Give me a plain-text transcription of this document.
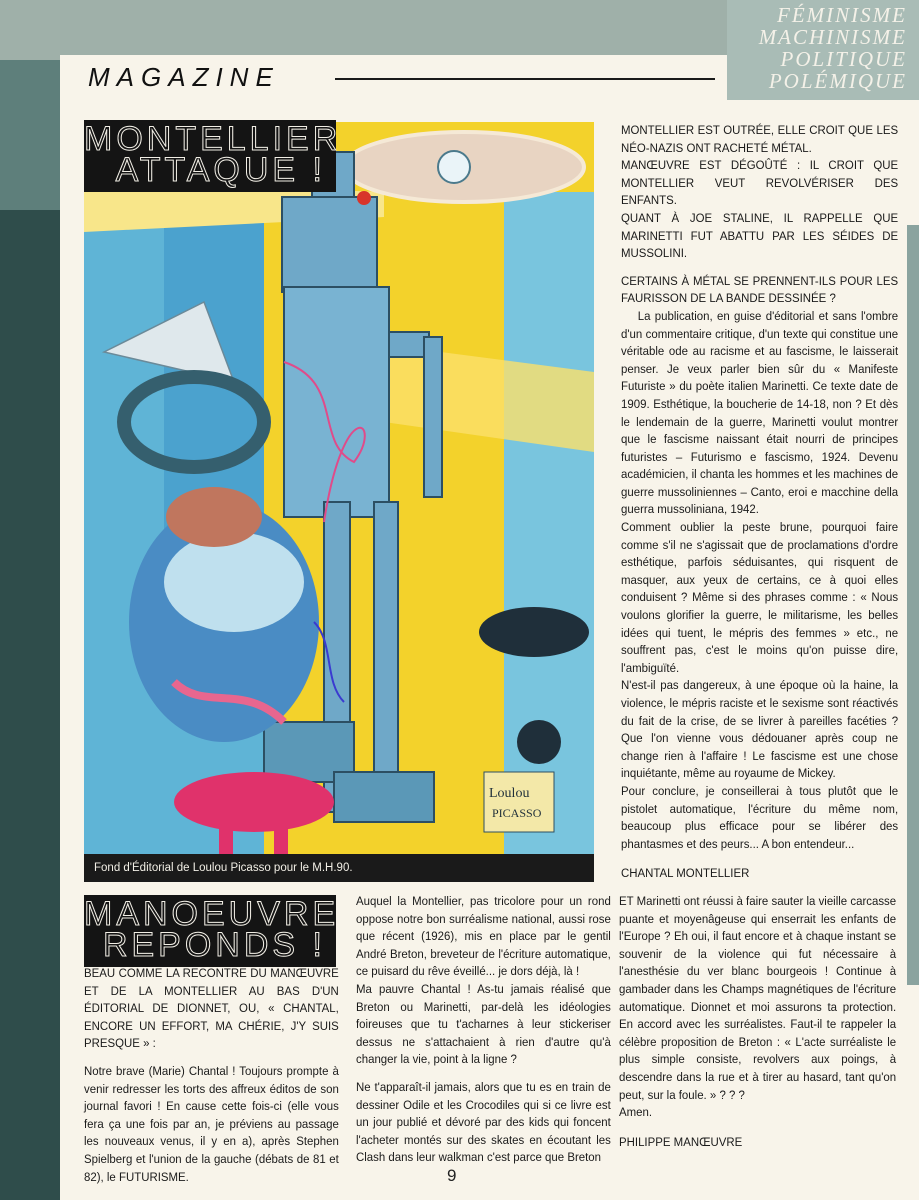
MAGAZINE
FÉMINISME
MACHINISME
POLITIQUE
POLÉMIQUE
Loulou
PICASSO
MONTELLIER
ATTAQUE !
Fond d'Éditorial de Loulou Picasso pour le M.H.90.

MONTELLIER EST OUTRÉE, ELLE CROIT QUE LES NÉO-NAZIS ONT RACHETÉ MÉTAL.

MANŒUVRE EST DÉGOÛTÉ : IL CROIT QUE MONTELLIER VEUT REVOLVÉRISER DES ENFANTS.

QUANT À JOE STALINE, IL RAPPELLE QUE MARINETTI FUT ABATTU PAR LES SÉIDES DE MUSSOLINI.

CERTAINS À MÉTAL SE PRENNENT-ILS POUR LES FAURISSON DE LA BANDE DESSINÉE ?

La publication, en guise d'éditorial et sans l'ombre d'un commentaire critique, d'un texte qui constitue une véritable ode au racisme et au fascisme, le laisserait penser. Je veux parler bien sûr du « Manifeste Futuriste » du poète italien Marinetti. Ce texte date de 1909. Esthétique, la boucherie de 14-18, non ? Et dès le lendemain de la guerre, Marinetti voulut montrer que le fascisme naissant était nourri de principes futuristes – Futurismo e fascismo, 1924. Devenu académicien, il chanta les hommes et les machines de guerre mussoliniennes – Canto, eroi e macchine della guerra mussoliniana, 1942.

Comment oublier la peste brune, pourquoi faire comme s'il ne s'agissait que de proclamations d'ordre esthétique, parfois séduisantes, qui risquent de masquer, aux yeux de certains, ce à quoi elles conduisent ? Même si des phrases comme : « Nous voulons glorifier la guerre, le militarisme, les belles idées qui tuent, le mépris des femmes » etc., ne souffrent pas, c'est le moins qu'on puisse dire, l'ambiguïté.

N'est-il pas dangereux, à une époque où la haine, la violence, le mépris raciste et le sexisme sont réactivés du fait de la crise, de se livrer à pareilles facéties ? Que l'on vienne vous dédouaner après coup ne change rien à l'affaire ! Le fascisme est une chose inquiétante, même au royaume de Mickey.

Pour conclure, je conseillerai à tous plutôt que le pistolet automatique, l'écriture du même nom, beaucoup plus efficace pour se libérer des phantasmes et des peurs... A bon entendeur...

CHANTAL MONTELLIER

MANOEUVRE
REPONDS !

BEAU COMME LA RECONTRE DU MANŒUVRE ET DE LA MONTELLIER AU BAS D'UN ÉDITORIAL DE DIONNET, OU, « CHANTAL, ENCORE UN EFFORT, MA CHÉRIE, J'Y SUIS PRESQUE » :

Notre brave (Marie) Chantal ! Toujours prompte à venir redresser les torts des affreux éditos de son journal favori ! En cause cette fois-ci (elle vous fera ça une fois par an, je préviens au passage les nouveaux venus, il y en a), après Stephen Spielberg et l'union de la gauche (débats de 81 et 82), le FUTURISME.

Auquel la Montellier, pas tricolore pour un rond oppose notre bon surréalisme national, aussi rose que récent (1926), mis en place par le gentil André Breton, breveteur de l'écriture automatique, ce puisard du rêve éveillé... je dors déjà, là !

Ma pauvre Chantal ! As-tu jamais réalisé que Breton ou Marinetti, par-delà les idéologies foireuses que tu t'acharnes à leur stickeriser dessus ne s'attachaient à rien d'autre qu'à changer la vie, point à la ligne ?

Ne t'apparaît-il jamais, alors que tu es en train de dessiner Odile et les Crocodiles qui si ce livre est un jour publié et dévoré par des kids qui foncent l'acheter montés sur des skates en écoutant les Clash dans leur walkman c'est parce que Breton

ET Marinetti ont réussi à faire sauter la vieille carcasse puante et moyenâgeuse qui enserrait les enfants de l'Europe ? Eh oui, il faut encore et à chaque instant se souvenir de la violence qui fut nécessaire à l'anesthésie du ver blanc bourgeois ! Continue à gambader dans les Champs magnétiques de l'écriture automatique. Dionnet et moi assurons ta protection. En accord avec les surréalistes. Faut-il te rappeler la célèbre proposition de Breton : « L'acte surréaliste le plus simple consiste, revolvers aux poings, à descendre dans la rue et à tirer au hasard, tant qu'on peut, sur la foule. » ? ? ?

Amen.

PHILIPPE MANŒUVRE

9
